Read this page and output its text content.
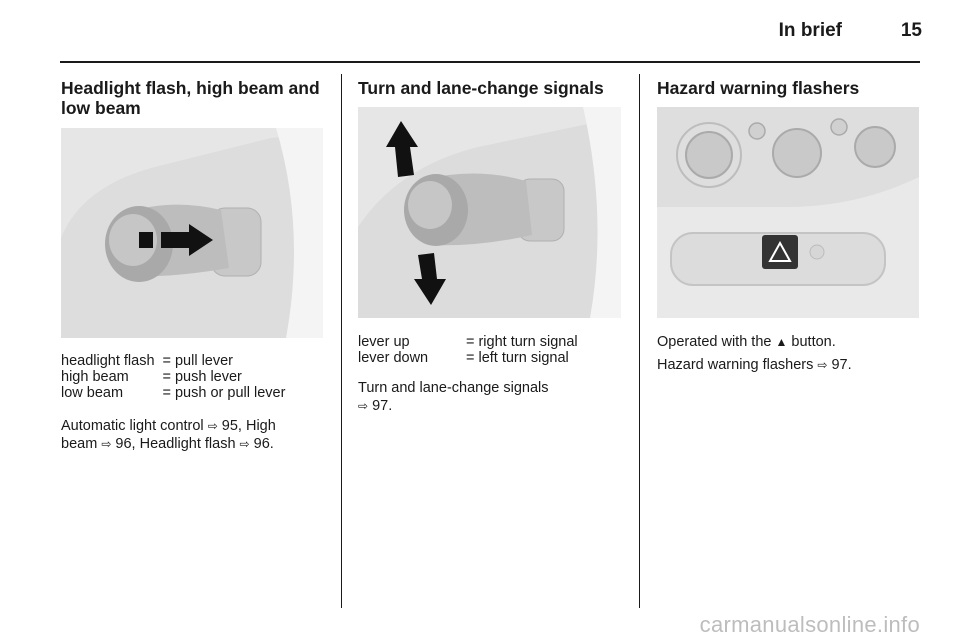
In brief	15
Headlight flash, high beam and
low beam
headlight flash	=	pull lever
high beam	=	push lever
low beam	=	push or pull lever
Automatic light control ⇨ 95, High
beam ⇨ 96, Headlight flash ⇨ 96.
Turn and lane-change signals
lever up	=	right turn signal
lever down	=	left turn signal
Turn and lane-change signals
⇨ 97.
Hazard warning flashers
Operated with the ▲ button.
Hazard warning flashers ⇨ 97.
carmanualsonline.info
